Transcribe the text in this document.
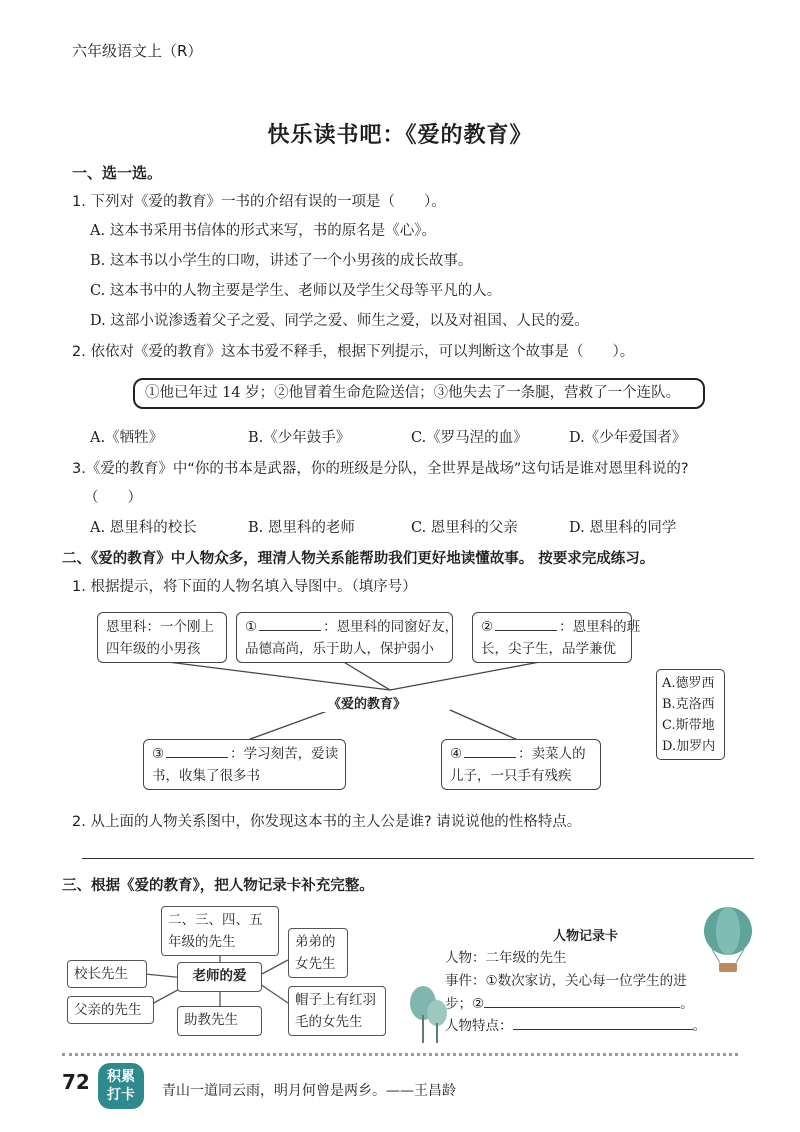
六年级语文上（R）
快乐读书吧：《爱的教育》
一、选一选。
1. 下列对《爱的教育》一书的介绍有误的一项是（　　）。
A. 这本书采用书信体的形式来写，书的原名是《心》。
B. 这本书以小学生的口吻，讲述了一个小男孩的成长故事。
C. 这本书中的人物主要是学生、老师以及学生父母等平凡的人。
D. 这部小说渗透着父子之爱、同学之爱、师生之爱，以及对祖国、人民的爱。
2. 依依对《爱的教育》这本书爱不释手，根据下列提示，可以判断这个故事是（　　）。
①他已年过 14 岁；②他冒着生命危险送信；③他失去了一条腿，营救了一个连队。
A.《牺牲》	B.《少年鼓手》	C.《罗马涅的血》	D.《少年爱国者》
3.《爱的教育》中“你的书本是武器，你的班级是分队，全世界是战场”这句话是谁对恩里科说的?
（　　）
A. 恩里科的校长	B. 恩里科的老师	C. 恩里科的父亲	D. 恩里科的同学
二、《爱的教育》中人物众多，理清人物关系能帮助我们更好地读懂故事。 按要求完成练习。
1. 根据提示，将下面的人物名填入导图中。（填序号）
恩里科：一个刚上
四年级的小男孩
①	：恩里科的同窗好友，
品德高尚，乐于助人，保护弱小
②	：恩里科的班
长，尖子生，品学兼优
《爱的教育》
③	：学习刻苦，爱读
书，收集了很多书
④	：卖菜人的
儿子，一只手有残疾
A.德罗西
B.克洛西
C.斯带地
D.加罗内
2. 从上面的人物关系图中，你发现这本书的主人公是谁? 请说说他的性格特点。
三、根据《爱的教育》，把人物记录卡补充完整。
二、三、四、五
年级的先生
老师的爱
校长先生
父亲的先生
助教先生
弟弟的
女先生
帽子上有红羽
毛的女先生
人物记录卡
人物：二年级的先生
事件：①数次家访，关心每一位学生的进
步；②	。
人物特点：	。
72	积累
打卡	青山一道同云雨，明月何曾是两乡。——王昌龄
